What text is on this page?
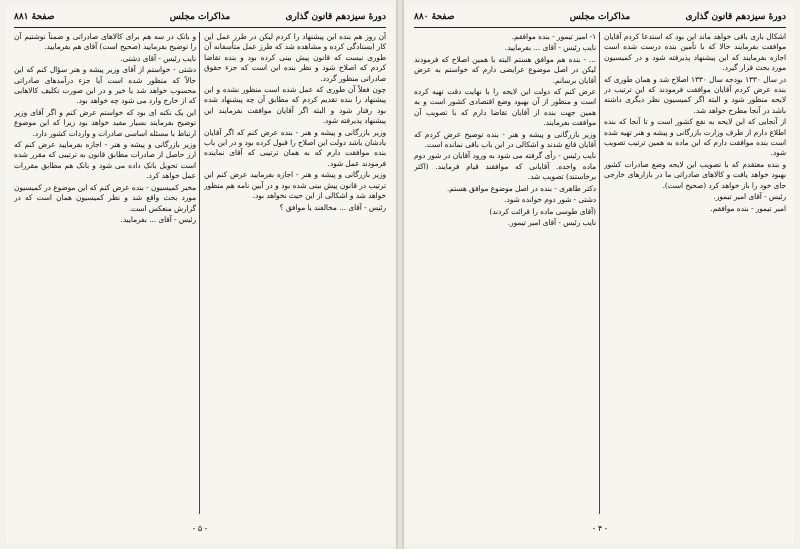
دورهٔ سیزدهم قانون گذاری
مذاکرات مجلس
صفحهٔ ۸۸۱

آن روز هم بنده این پیشنهاد را کردم لیکن در طرز عمل این کار ایستادگی کرده و مشاهده شد که طرز عمل متأسفانه آن طوری نیست که قانون پیش بینی کرده بود و بنده تقاضا کردم که اصلاح شود و نظر بنده این است که جزء حقوق صادراتی منظور گردد.

چون فعلاً آن طوری که عمل شده است منظور نشده و این پیشنهاد را بنده تقدیم کردم که مطابق آن چه پیشنهاد شده بود رفتار شود و البته اگر آقایان موافقت بفرمایند این پیشنهاد پذیرفته شود.

وزیر بازرگانی و پیشه و هنر - بنده عرض کنم که اگر آقایان یادشان باشد دولت این اصلاح را قبول کرده بود و در این باب بنده موافقت دارم که به همان ترتیبی که آقای نماینده فرمودند عمل شود.

وزیر بازرگانی و پیشه و هنر - اجازه بفرمایید عرض کنم این ترتیب در قانون پیش بینی شده بود و در آیین نامه هم منظور خواهد شد و اشکالی از این حیث نخواهد بود.

رئیس - آقای ... مخالفند یا موافق ؟

و بانک در سه هم برای کالاهای صادراتی و ضمناً نوشتیم آن را توضیح بفرمایید (صحیح است) آقای هم بفرمایید.

نایب رئیس - آقای دشتی.

دشتی - خواستم از آقای وزیر پیشه و هنر سؤال کنم که این حالاً که منظور شده است آیا جزء درآمدهای صادراتی محسوب خواهد شد یا خیر و در این صورت تکلیف کالاهایی که از خارج وارد می شود چه خواهد بود.

این یک نکته ای بود که خواستم عرض کنم و اگر آقای وزیر توضیح بفرمایند بسیار مفید خواهد بود زیرا که این موضوع ارتباط با مسئله اساسی صادرات و واردات کشور دارد.

وزیر بازرگانی و پیشه و هنر - اجازه بفرمایید عرض کنم که ارز حاصل از صادرات مطابق قانون به ترتیبی که مقرر شده است تحویل بانک داده می شود و بانک هم مطابق مقررات عمل خواهد کرد.

مخبر کمیسیون - بنده عرض کنم که این موضوع در کمیسیون مورد بحث واقع شد و نظر کمیسیون همان است که در گزارش منعکس است.

رئیس - آقای ... بفرمایید.

- ۵ -
دورهٔ سیزدهم قانون گذاری
مذاکرات مجلس
صفحهٔ ۸۸۰

اشکال بازی باقی خواهد ماند این بود که استدعا کردم آقایان موافقت بفرمایند حالا که با تأمین بنده درست شده است اجازه بفرمایند که این پیشنهاد پذیرفته شود و در کمیسیون مورد بحث قرار گیرد.

در سال ۱۳۳۰ بودجه سال ۱۳۳۰ اصلاح شد و همان طوری که بنده عرض کردم آقایان موافقت فرمودند که این ترتیب در لایحه منظور شود و البته اگر کمیسیون نظر دیگری داشته باشد در آنجا مطرح خواهد شد.

از آنجایی که این لایحه به نفع کشور است و تا آنجا که بنده اطلاع دارم از طرف وزارت بازرگانی و پیشه و هنر تهیه شده است بنده موافقت دارم که این ماده به همین ترتیب تصویب شود.

و بنده معتقدم که با تصویب این لایحه وضع صادرات کشور بهبود خواهد یافت و کالاهای صادراتی ما در بازارهای خارجی جای خود را باز خواهد کرد (صحیح است).

رئیس - آقای امیر تیمور.

امیر تیمور - بنده موافقم.

۱- امیر تیمور - بنده موافقم.

نایب رئیس - آقای ... بفرمایید.

... - بنده هم موافق هستم البته با همین اصلاح که فرمودند لیکن در اصل موضوع عرایضی دارم که خواستم به عرض آقایان برسانم.

عرض کنم که دولت این لایحه را با نهایت دقت تهیه کرده است و منظور از آن بهبود وضع اقتصادی کشور است و به همین جهت بنده از آقایان تقاضا دارم که با تصویب آن موافقت بفرمایند.

وزیر بازرگانی و پیشه و هنر - بنده توضیح عرض کردم که آقایان قانع شدند و اشکالی در این باب باقی نمانده است.

نایب رئیس - رأی گرفته می شود به ورود آقایان در شور دوم ماده واحده. آقایانی که موافقند قیام فرمایند. (اکثر برخاستند) تصویب شد.

دکتر طاهری - بنده در اصل موضوع موافق هستم.

دشتی - شور دوم خوانده شود.

(آقای طوسی ماده را قرائت کردند)

نایب رئیس - آقای امیر تیمور.

- ۴ -
